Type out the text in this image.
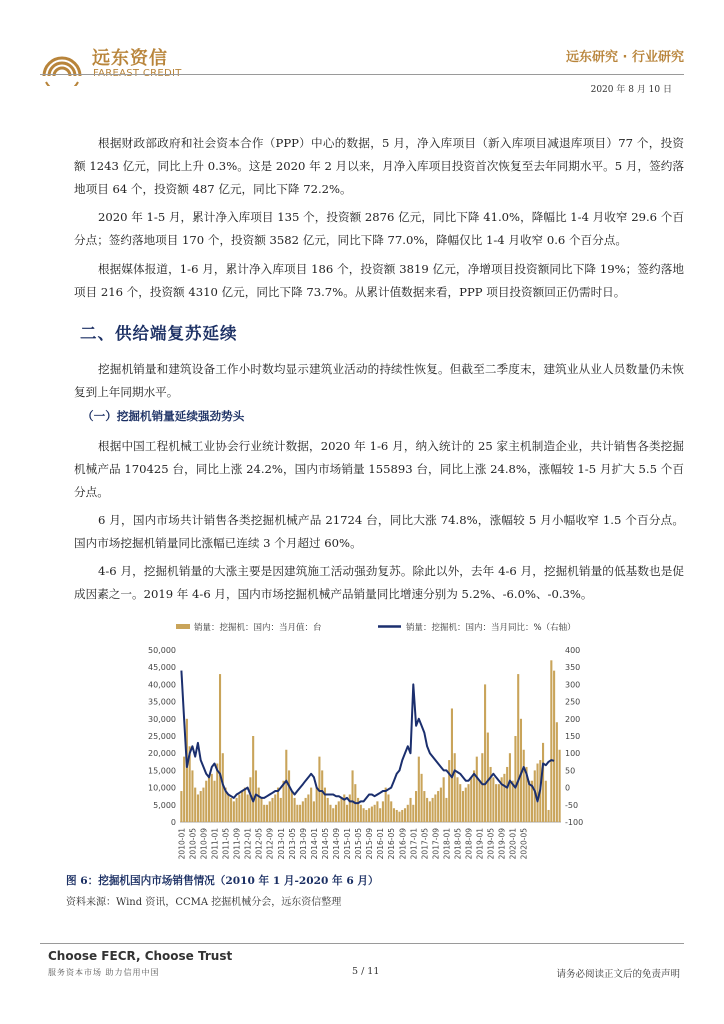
远东资信	远东研究 · 行业研究
2020 年 8 月 10 日
根据财政部政府和社会资本合作（PPP）中心的数据，5 月，净入库项目（新入库项目减退库项目）77 个，投资额 1243 亿元，同比上升 0.3%。这是 2020 年 2 月以来，月净入库项目投资首次恢复至去年同期水平。5 月，签约落地项目 64 个，投资额 487 亿元，同比下降 72.2%。
2020 年 1-5 月，累计净入库项目 135 个，投资额 2876 亿元，同比下降 41.0%，降幅比 1-4 月收窄 29.6 个百分点；签约落地项目 170 个，投资额 3582 亿元，同比下降 77.0%，降幅仅比 1-4 月收窄 0.6 个百分点。
根据媒体报道，1-6 月，累计净入库项目 186 个，投资额 3819 亿元，净增项目投资额同比下降 19%；签约落地项目 216 个，投资额 4310 亿元，同比下降 73.7%。从累计值数据来看，PPP 项目投资额回正仍需时日。
二、供给端复苏延续
挖掘机销量和建筑设备工作小时数均显示建筑业活动的持续性恢复。但截至二季度末，建筑业从业人员数量仍未恢复到上年同期水平。
（一）挖掘机销量延续强劲势头
根据中国工程机械工业协会行业统计数据，2020 年 1-6 月，纳入统计的 25 家主机制造企业，共计销售各类挖掘机械产品 170425 台，同比上涨 24.2%，国内市场销量 155893 台，同比上涨 24.8%，涨幅较 1-5 月扩大 5.5 个百分点。
6 月，国内市场共计销售各类挖掘机械产品 21724 台，同比大涨 74.8%，涨幅较 5 月小幅收窄 1.5 个百分点。国内市场挖掘机销量同比涨幅已连续 3 个月超过 60%。
4-6 月，挖掘机销量的大涨主要是因建筑施工活动强劲复苏。除此以外，去年 4-6 月，挖掘机销量的低基数也是促成因素之一。2019 年 4-6 月，国内市场挖掘机械产品销量同比增速分别为 5.2%、-6.0%、-0.3%。
销量：挖掘机：国内：当月值：台	销量：挖掘机：国内：当月同比：%（右轴）
0
5,000
10,000
15,000
20,000
25,000
30,000
35,000
40,000
45,000
50,000
-100
-50
0
50
100
150
200
250
300
350
400
2010-01 2010-05 2010-09 2011-01 2011-05 2011-09 2012-01 2012-05 2012-09 2013-01 2013-05 2013-09 2014-01 2014-05 2014-09 2015-01 2015-05 2015-09 2016-01 2016-05 2016-09 2017-01 2017-05 2017-09 2018-01 2018-05 2018-09 2019-01 2019-05 2019-09 2020-01 2020-05
图 6：挖掘机国内市场销售情况（2010 年 1 月-2020 年 6 月）
资料来源：Wind 资讯，CCMA 挖掘机械分会，远东资信整理
Choose FECR, Choose Trust
服务资本市场 助力信用中国	5 / 11	请务必阅读正文后的免责声明
